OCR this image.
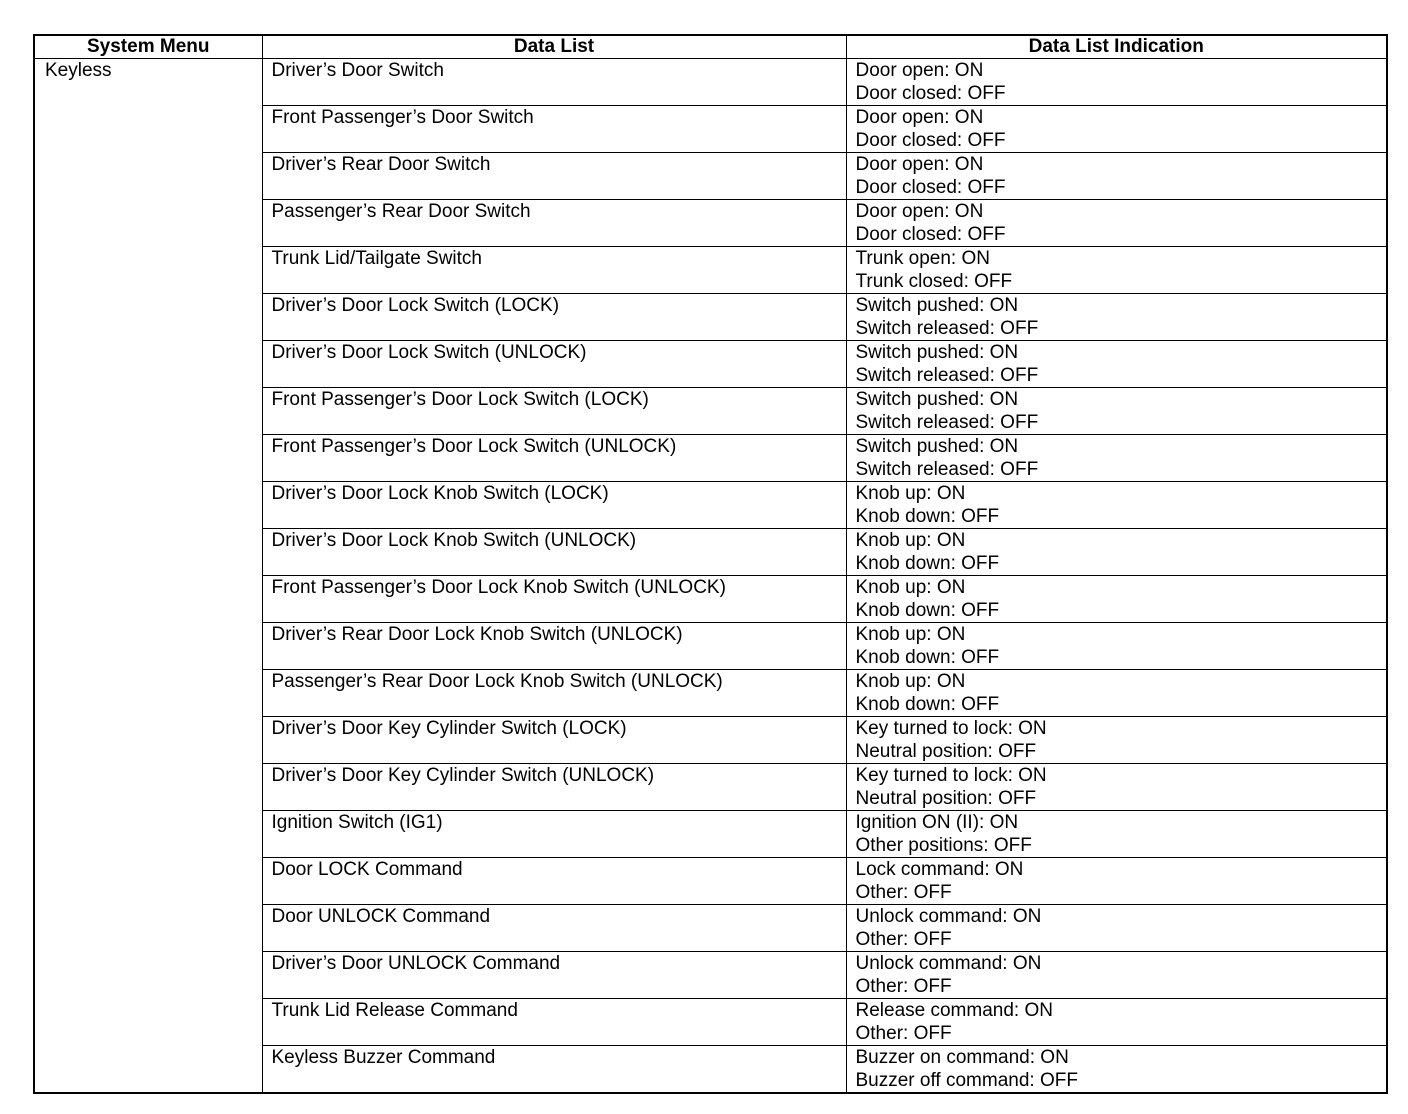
System Menu	Data List	Data List Indication
Keyless	Driver’s Door Switch	Door open: ON
Door closed: OFF

	Front Passenger’s Door Switch	Door open: ON
Door closed: OFF

	Driver’s Rear Door Switch	Door open: ON
Door closed: OFF

	Passenger’s Rear Door Switch	Door open: ON
Door closed: OFF

	Trunk Lid/Tailgate Switch	Trunk open: ON
Trunk closed: OFF

	Driver’s Door Lock Switch (LOCK)	Switch pushed: ON
Switch released: OFF

	Driver’s Door Lock Switch (UNLOCK)	Switch pushed: ON
Switch released: OFF

	Front Passenger’s Door Lock Switch (LOCK)	Switch pushed: ON
Switch released: OFF

	Front Passenger’s Door Lock Switch (UNLOCK)	Switch pushed: ON
Switch released: OFF

	Driver’s Door Lock Knob Switch (LOCK)	Knob up: ON
Knob down: OFF

	Driver’s Door Lock Knob Switch (UNLOCK)	Knob up: ON
Knob down: OFF

	Front Passenger’s Door Lock Knob Switch (UNLOCK)	Knob up: ON
Knob down: OFF

	Driver’s Rear Door Lock Knob Switch (UNLOCK)	Knob up: ON
Knob down: OFF

	Passenger’s Rear Door Lock Knob Switch (UNLOCK)	Knob up: ON
Knob down: OFF

	Driver’s Door Key Cylinder Switch (LOCK)	Key turned to lock: ON
Neutral position: OFF

	Driver’s Door Key Cylinder Switch (UNLOCK)	Key turned to lock: ON
Neutral position: OFF

	Ignition Switch (IG1)	Ignition ON (II): ON
Other positions: OFF

	Door LOCK Command	Lock command: ON
Other: OFF

	Door UNLOCK Command	Unlock command: ON
Other: OFF

	Driver’s Door UNLOCK Command	Unlock command: ON
Other: OFF

	Trunk Lid Release Command	Release command: ON
Other: OFF

	Keyless Buzzer Command	Buzzer on command: ON
Buzzer off command: OFF
